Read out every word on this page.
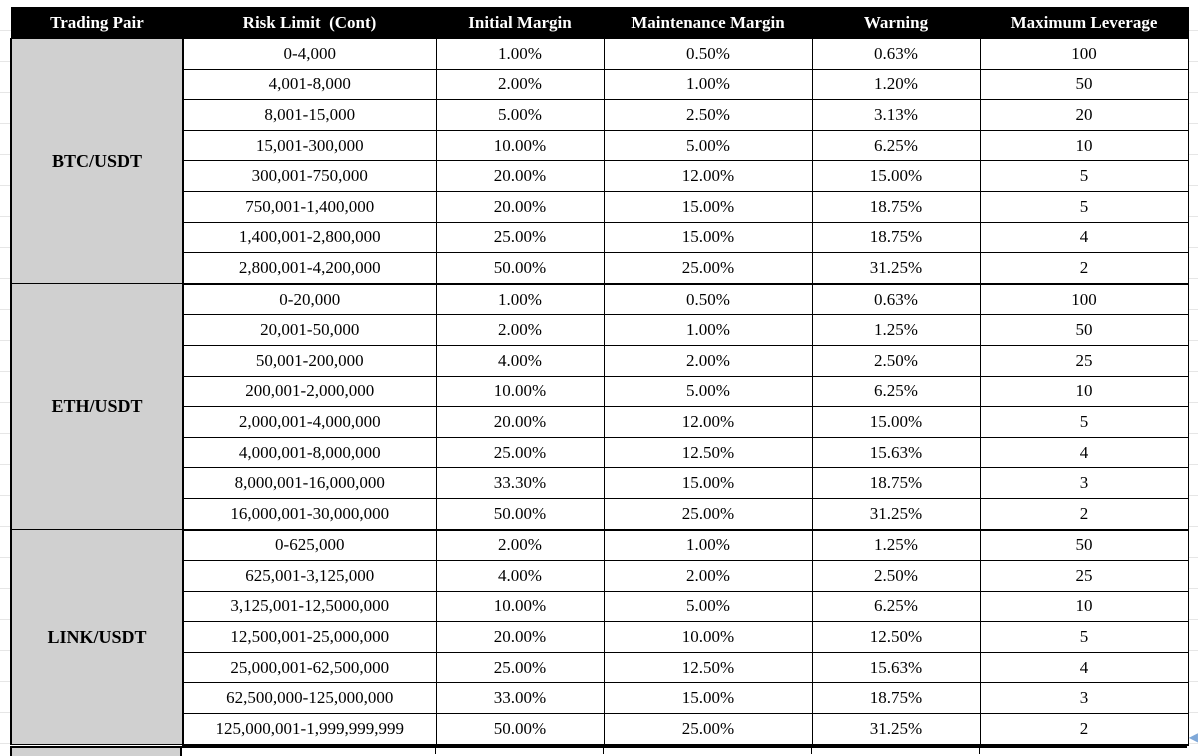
Trading Pair	Risk Limit  (Cont)	Initial Margin	Maintenance Margin	Warning	Maximum Leverage
BTC/USDT	0-4,000	1.00%	0.50%	0.63%	100
	4,001-8,000	2.00%	1.00%	1.20%	50
	8,001-15,000	5.00%	2.50%	3.13%	20
	15,001-300,000	10.00%	5.00%	6.25%	10
	300,001-750,000	20.00%	12.00%	15.00%	5
	750,001-1,400,000	20.00%	15.00%	18.75%	5
	1,400,001-2,800,000	25.00%	15.00%	18.75%	4
	2,800,001-4,200,000	50.00%	25.00%	31.25%	2
ETH/USDT	0-20,000	1.00%	0.50%	0.63%	100
	20,001-50,000	2.00%	1.00%	1.25%	50
	50,001-200,000	4.00%	2.00%	2.50%	25
	200,001-2,000,000	10.00%	5.00%	6.25%	10
	2,000,001-4,000,000	20.00%	12.00%	15.00%	5
	4,000,001-8,000,000	25.00%	12.50%	15.63%	4
	8,000,001-16,000,000	33.30%	15.00%	18.75%	3
	16,000,001-30,000,000	50.00%	25.00%	31.25%	2
LINK/USDT	0-625,000	2.00%	1.00%	1.25%	50
	625,001-3,125,000	4.00%	2.00%	2.50%	25
	3,125,001-12,5000,000	10.00%	5.00%	6.25%	10
	12,500,001-25,000,000	20.00%	10.00%	12.50%	5
	25,000,001-62,500,000	25.00%	12.50%	15.63%	4
	62,500,000-125,000,000	33.00%	15.00%	18.75%	3
	125,000,001-1,999,999,999	50.00%	25.00%	31.25%	2	◀
